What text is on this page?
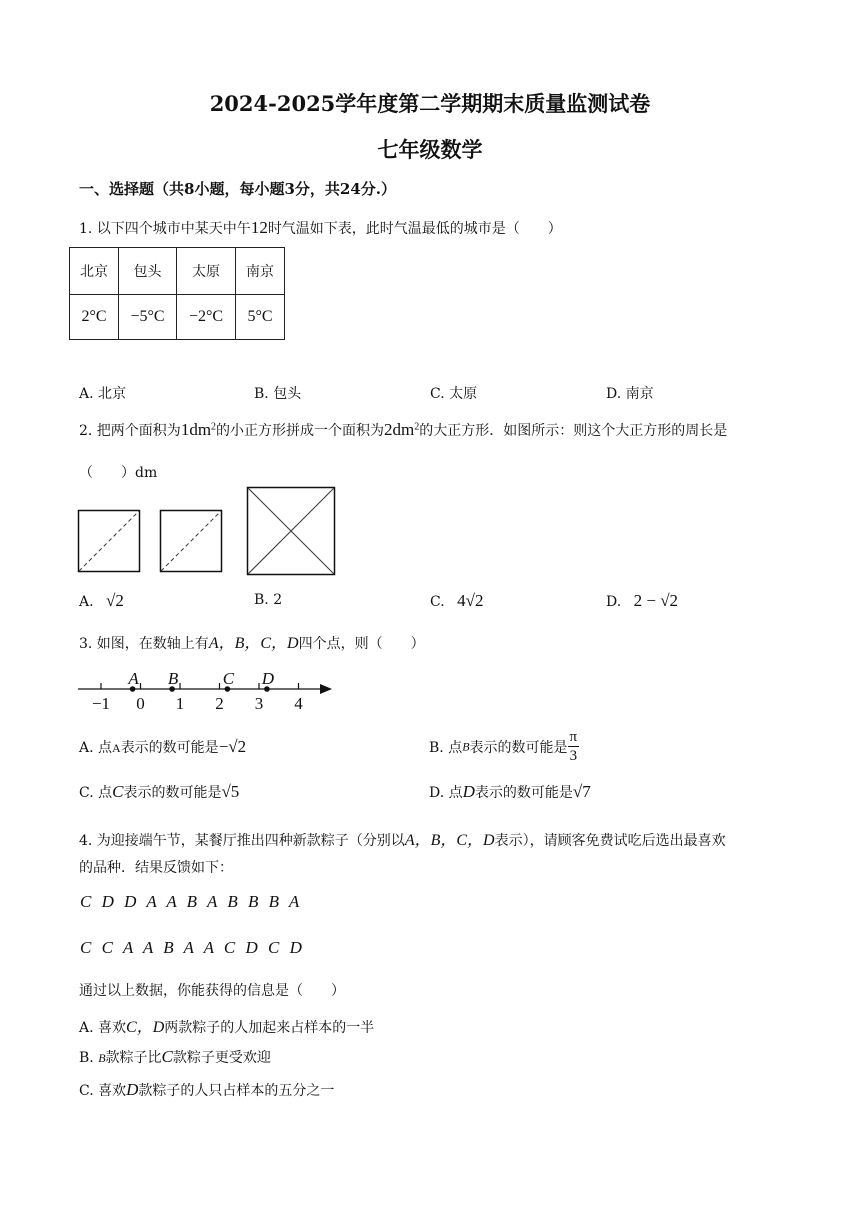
2024-2025学年度第二学期期末质量监测试卷
七年级数学
一、选择题（共8小题，每小题3分，共24分.）
1. 以下四个城市中某天中午12时气温如下表，此时气温最低的城市是（　　）
北京	包头	太原	南京
2°C	−5°C	−2°C	5°C
A. 北京	B. 包头	C. 太原	D. 南京
2. 把两个面积为$1dm^2$的小正方形拼成一个面积为$2dm^2$的大正方形．如图所示：则这个大正方形的周长是
（　　）dm
A. √2	B. 2	C. 4√2	D. 2 − √2
3. 如图，在数轴上有A，B，C，D四个点，则（　　）
−1 0 1 2 3 4
A B	C D
A. 点A表示的数可能是−√2	B. 点B表示的数可能是 $\frac{\pi}{3}$
C. 点C表示的数可能是√5	D. 点D表示的数可能是√7
4. 为迎接端午节，某餐厅推出四种新款粽子（分别以A，B，C，D表示），请顾客免费试吃后选出最喜欢
的品种．结果反馈如下：
C D D A A B A B B B A
C C A A B A A C D C D
通过以上数据，你能获得的信息是（　　）
A. 喜欢C，D两款粽子的人加起来占样本的一半
B. B款粽子比C款粽子更受欢迎
C. 喜欢D款粽子的人只占样本的五分之一
